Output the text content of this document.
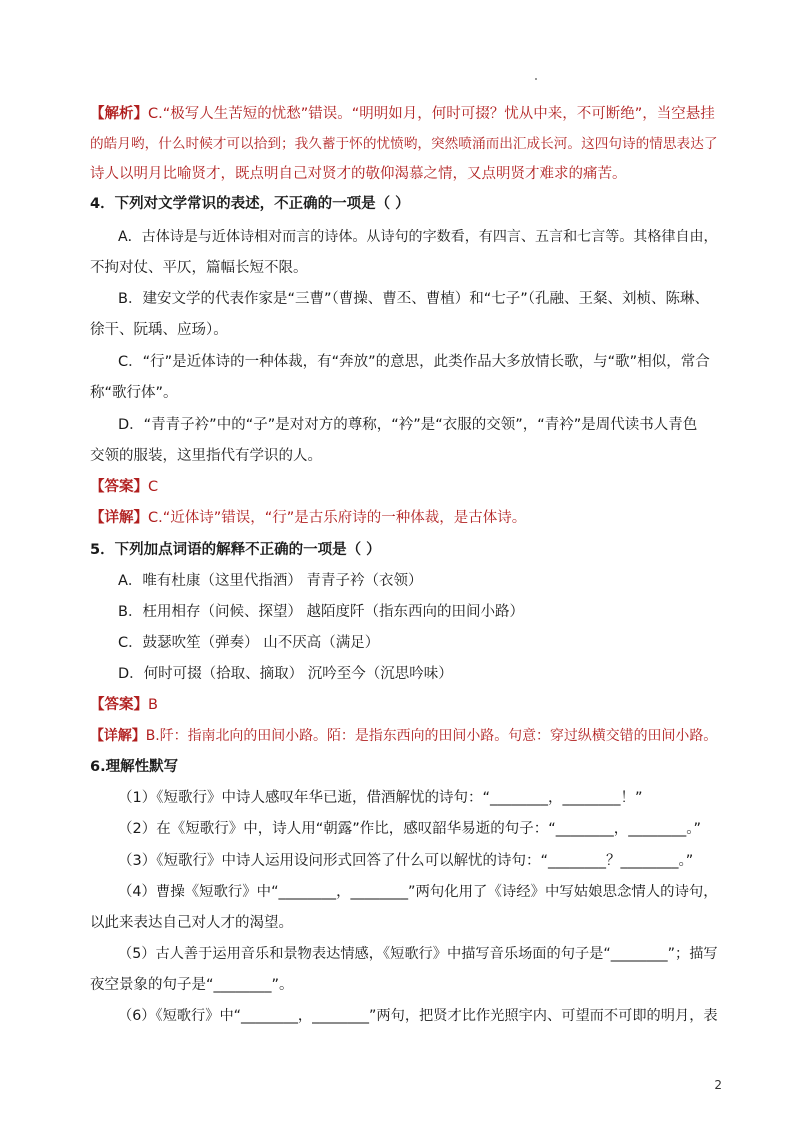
【解析】C.“极写人生苦短的忧愁”错误。“明明如月，何时可掇？忧从中来，不可断绝”，当空悬挂
的皓月哟，什么时候才可以拾到；我久蓄于怀的忧愤哟，突然喷涌而出汇成长河。这四句诗的情思表达了
诗人以明月比喻贤才，既点明自己对贤才的敬仰渴慕之情，又点明贤才难求的痛苦。
4．下列对文学常识的表述，不正确的一项是（ ）
A．古体诗是与近体诗相对而言的诗体。从诗句的字数看，有四言、五言和七言等。其格律自由，
不拘对仗、平仄，篇幅长短不限。
B．建安文学的代表作家是“三曹”（曹操、曹丕、曹植）和“七子”（孔融、王粲、刘桢、陈琳、
徐干、阮瑀、应玚）。
C．“行”是近体诗的一种体裁，有“奔放”的意思，此类作品大多放情长歌，与“歌”相似，常合
称“歌行体”。
D．“青青子衿”中的“子”是对对方的尊称，“衿”是“衣服的交领”，“青衿”是周代读书人青色
交领的服装，这里指代有学识的人。
【答案】C
【详解】C.“近体诗”错误，“行”是古乐府诗的一种体裁，是古体诗。
5．下列加点词语的解释不正确的一项是（ ）
A．唯有杜康（这里代指酒） 青青子衿（衣领）
B．枉用相存（问候、探望） 越陌度阡（指东西向的田间小路）
C．鼓瑟吹笙（弹奏） 山不厌高（满足）
D．何时可掇（拾取、摘取） 沉吟至今（沉思吟味）
【答案】B
【详解】B.阡：指南北向的田间小路。陌：是指东西向的田间小路。句意：穿过纵横交错的田间小路。
6.理解性默写
（1）《短歌行》中诗人感叹年华已逝，借酒解忧的诗句：“________，________！”
（2）在《短歌行》中，诗人用“朝露”作比，感叹韶华易逝的句子：“________，________。”
（3）《短歌行》中诗人运用设问形式回答了什么可以解忧的诗句：“________？________。”
（4）曹操《短歌行》中“________，________”两句化用了《诗经》中写姑娘思念情人的诗句，
以此来表达自己对人才的渴望。
（5）古人善于运用音乐和景物表达情感，《短歌行》中描写音乐场面的句子是“________”；描写
夜空景象的句子是“________”。
（6）《短歌行》中“________，________”两句，把贤才比作光照宇内、可望而不可即的明月，表
2
